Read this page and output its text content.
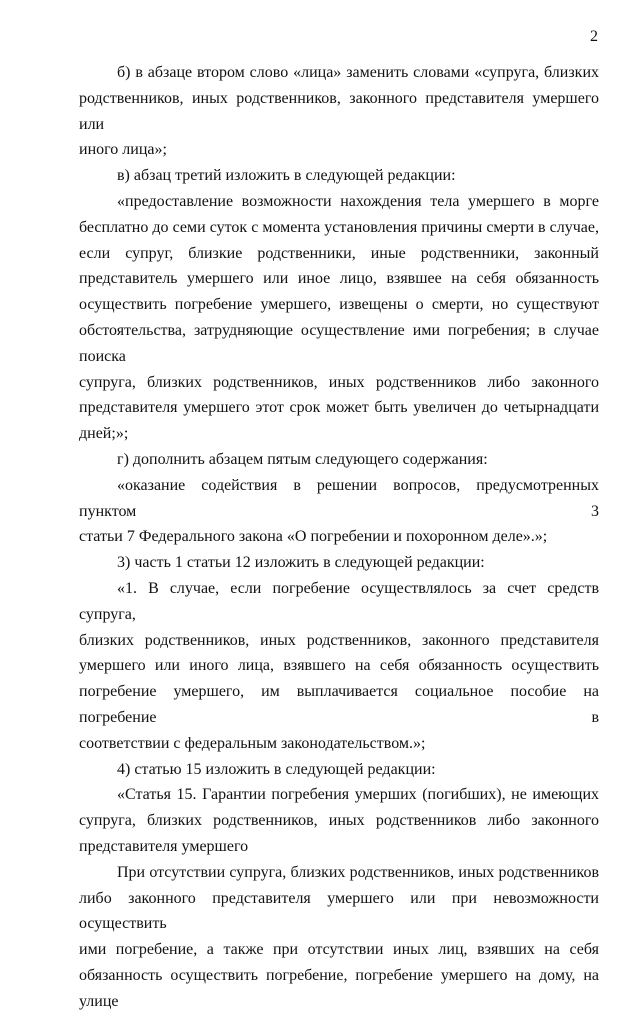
2
б) в абзаце втором слово «лица» заменить словами «супруга, близких
родственников, иных родственников, законного представителя умершего или
иного лица»;
в) абзац третий изложить в следующей редакции:
«предоставление возможности нахождения тела умершего в морге
бесплатно до семи суток с момента установления причины смерти в случае,
если супруг, близкие родственники, иные родственники, законный
представитель умершего или иное лицо, взявшее на себя обязанность
осуществить погребение умершего, извещены о смерти, но существуют
обстоятельства, затрудняющие осуществление ими погребения; в случае поиска
супруга, близких родственников, иных родственников либо законного
представителя умершего этот срок может быть увеличен до четырнадцати
дней;»;
г) дополнить абзацем пятым следующего содержания:
«оказание содействия в решении вопросов, предусмотренных пунктом 3
статьи 7 Федерального закона «О погребении и похоронном деле».»;
3) часть 1 статьи 12 изложить в следующей редакции:
«1. В случае, если погребение осуществлялось за счет средств супруга,
близких родственников, иных родственников, законного представителя
умершего или иного лица, взявшего на себя обязанность осуществить
погребение умершего, им выплачивается социальное пособие на погребение в
соответствии с федеральным законодательством.»;
4) статью 15 изложить в следующей редакции:
«Статья 15. Гарантии погребения умерших (погибших), не имеющих
супруга, близких родственников, иных родственников либо законного
представителя умершего
При отсутствии супруга, близких родственников, иных родственников
либо законного представителя умершего или при невозможности осуществить
ими погребение, а также при отсутствии иных лиц, взявших на себя
обязанность осуществить погребение, погребение умершего на дому, на улице
